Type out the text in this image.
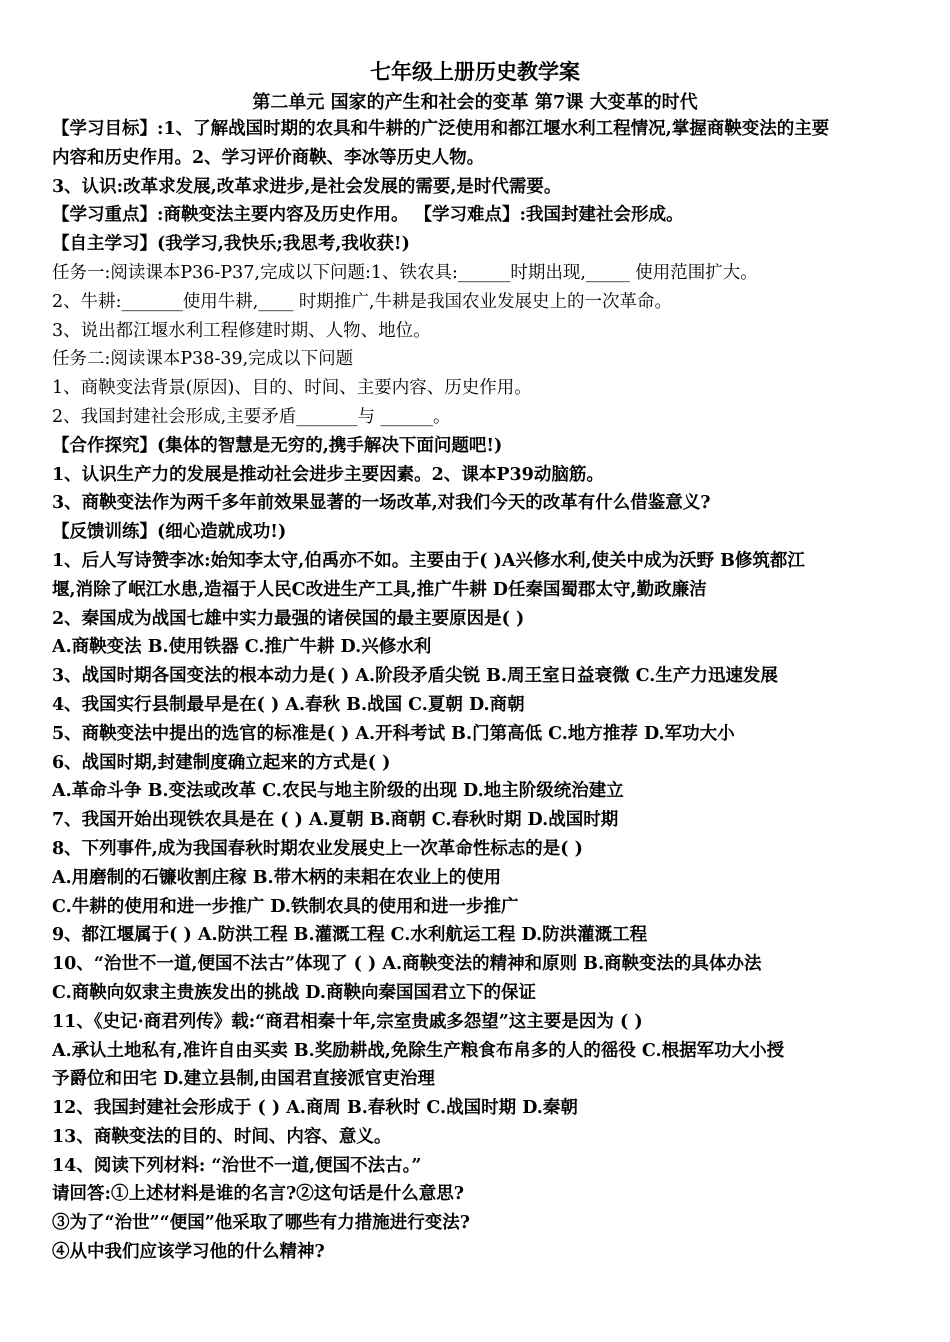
七年级上册历史教学案
第二单元 国家的产生和社会的变革 第7课 大变革的时代
【学习目标】:1、了解战国时期的农具和牛耕的广泛使用和都江堰水利工程情况,掌握商鞅变法的主要
内容和历史作用。2、学习评价商鞅、李冰等历史人物。
3、认识:改革求发展,改革求进步,是社会发展的需要,是时代需要。
【学习重点】:商鞅变法主要内容及历史作用。 【学习难点】:我国封建社会形成。
【自主学习】(我学习,我快乐;我思考,我收获!)
任务一:阅读课本P36-P37,完成以下问题:1、铁农具:______时期出现,_____ 使用范围扩大。
2、牛耕:_______使用牛耕,____ 时期推广,牛耕是我国农业发展史上的一次革命。
3、说出都江堰水利工程修建时期、人物、地位。
任务二:阅读课本P38-39,完成以下问题
1、商鞅变法背景(原因)、目的、时间、主要内容、历史作用。
2、我国封建社会形成,主要矛盾_______与 ______。
【合作探究】(集体的智慧是无穷的,携手解决下面问题吧!)
1、认识生产力的发展是推动社会进步主要因素。2、课本P39动脑筋。
3、商鞅变法作为两千多年前效果显著的一场改革,对我们今天的改革有什么借鉴意义?
【反馈训练】(细心造就成功!)
1、后人写诗赞李冰:始知李太守,伯禹亦不如。主要由于( )A兴修水利,使关中成为沃野 B修筑都江
堰,消除了岷江水患,造福于人民C改进生产工具,推广牛耕 D任秦国蜀郡太守,勤政廉洁
2、秦国成为战国七雄中实力最强的诸侯国的最主要原因是( )
A.商鞅变法 B.使用铁器 C.推广牛耕 D.兴修水利
3、战国时期各国变法的根本动力是( ) A.阶段矛盾尖锐 B.周王室日益衰微 C.生产力迅速发展
4、我国实行县制最早是在( ) A.春秋 B.战国 C.夏朝 D.商朝
5、商鞅变法中提出的选官的标准是( ) A.开科考试 B.门第高低 C.地方推荐 D.军功大小
6、战国时期,封建制度确立起来的方式是( )
A.革命斗争 B.变法或改革 C.农民与地主阶级的出现 D.地主阶级统治建立
7、我国开始出现铁农具是在 ( ) A.夏朝 B.商朝 C.春秋时期 D.战国时期
8、下列事件,成为我国春秋时期农业发展史上一次革命性标志的是( )
A.用磨制的石镰收割庄稼 B.带木柄的耒耜在农业上的使用
C.牛耕的使用和进一步推广 D.铁制农具的使用和进一步推广
9、都江堰属于( ) A.防洪工程 B.灌溉工程 C.水利航运工程 D.防洪灌溉工程
10、“治世不一道,便国不法古”体现了 ( ) A.商鞅变法的精神和原则 B.商鞅变法的具体办法
C.商鞅向奴隶主贵族发出的挑战 D.商鞅向秦国国君立下的保证
11、《史记·商君列传》载:“商君相秦十年,宗室贵戚多怨望”这主要是因为 ( )
A.承认土地私有,准许自由买卖 B.奖励耕战,免除生产粮食布帛多的人的徭役 C.根据军功大小授
予爵位和田宅 D.建立县制,由国君直接派官吏治理
12、我国封建社会形成于 ( ) A.商周 B.春秋时 C.战国时期 D.秦朝
13、商鞅变法的目的、时间、内容、意义。
14、阅读下列材料: “治世不一道,便国不法古。”
请回答:①上述材料是谁的名言?②这句话是什么意思?
③为了“治世”“便国”他采取了哪些有力措施进行变法?
④从中我们应该学习他的什么精神?
